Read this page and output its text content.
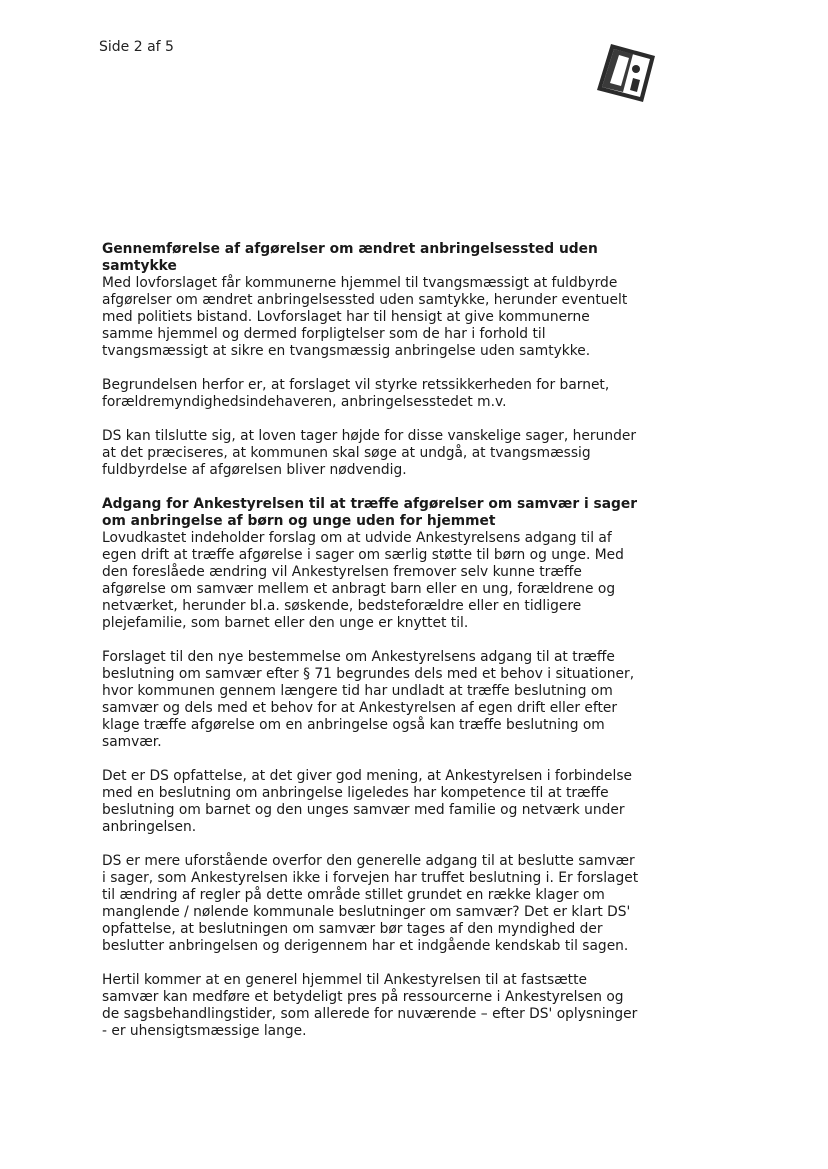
Side 2 af 5
Gennemførelse af afgørelser om ændret anbringelsessted uden samtykke

Med lovforslaget får kommunerne hjemmel til tvangsmæssigt at fuldbyrde afgørelser om ændret anbringelsessted uden samtykke, herunder eventuelt med politiets bistand. Lovforslaget har til hensigt at give kommunerne samme hjemmel og dermed forpligtelser som de har i forhold til tvangsmæssigt at sikre en tvangsmæssig anbringelse uden samtykke.

Begrundelsen herfor er, at forslaget vil styrke retssikkerheden for barnet, forældremyndighedsindehaveren, anbringelsesstedet m.v.

DS kan tilslutte sig, at loven tager højde for disse vanskelige sager, herunder at det præciseres, at kommunen skal søge at undgå, at tvangsmæssig fuldbyrdelse af afgørelsen bliver nødvendig.

Adgang for Ankestyrelsen til at træffe afgørelser om samvær i sager om anbringelse af børn og unge uden for hjemmet

Lovudkastet indeholder forslag om at udvide Ankestyrelsens adgang til af egen drift at træffe afgørelse i sager om særlig støtte til børn og unge. Med den foreslåede ændring vil Ankestyrelsen fremover selv kunne træffe afgørelse om samvær mellem et anbragt barn eller en ung, forældrene og netværket, herunder bl.a. søskende, bedsteforældre eller en tidligere plejefamilie, som barnet eller den unge er knyttet til.

Forslaget til den nye bestemmelse om Ankestyrelsens adgang til at træffe beslutning om samvær efter § 71 begrundes dels med et behov i situationer, hvor kommunen gennem længere tid har undladt at træffe beslutning om samvær og dels med et behov for at Ankestyrelsen af egen drift eller efter klage træffe afgørelse om en anbringelse også kan træffe beslutning om samvær.

Det er DS opfattelse, at det giver god mening, at Ankestyrelsen i forbindelse med en beslutning om anbringelse ligeledes har kompetence til at træffe beslutning om barnet og den unges samvær med familie og netværk under anbringelsen.

DS er mere uforstående overfor den generelle adgang til at beslutte samvær i sager, som Ankestyrelsen ikke i forvejen har truffet beslutning i. Er forslaget til ændring af regler på dette område stillet grundet en række klager om manglende / nølende kommunale beslutninger om samvær? Det er klart DS' opfattelse, at beslutningen om samvær bør tages af den myndighed der beslutter anbringelsen og derigennem har et indgående kendskab til sagen.

Hertil kommer at en generel hjemmel til Ankestyrelsen til at fastsætte samvær kan medføre et betydeligt pres på ressourcerne i Ankestyrelsen og de sagsbehandlingstider, som allerede for nuværende – efter DS' oplysninger - er uhensigtsmæssige lange.
